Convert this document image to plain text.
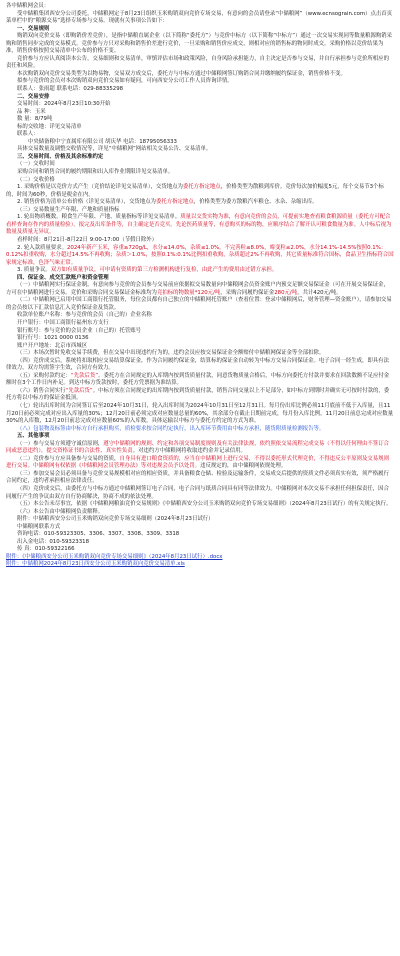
各中储粮网会员：

受中储粮集团西安分公司委托，中储粮网定于8月23日组织玉米购销双向竞价专场交易，有意向的会员请登录“中储粮网”（www.ecnsograin.com）点击首页菜单栏中的“粮源交易”选择专场参与交易。现就有关事项公告如下：

一、交易规则

购销双向竞价交易（即购销价差竞价），是指中储粮直属企业（以下简称“委托方”）与竞价中标方（以下简称“中标方”）通过一次交易实现同等数量粮源购销采购和销售同步完成的交易模式。竞价参与方只对采购和销售价差进行竞价，一旦采购和销售价应成交，则相对应的销售标的物同时成交。采购价格以竞价结果为准，销售价格按照交易清单中公布的价格不变。

竞价参与方应认真阅读本公告，交易细则和交易清单，审慎评估市场和政策风险，自身风险承担能力，自主决定是否参与交易，并自行承担参与竞价所相应的责任和风险。

本次购销双向竞价交易类型为以物易物，交易双方成交后，委托方与中标方通过中储粮网签订购销合同并缴纳履约保证金，销售价格不变。

拟参与竞价的会员对本次购销双向竞价交易如有疑问，可向西安分公司工作人员咨询详情。

联系人：张雨超 联系电话：029-88335298

二、交易安排

交易时间：2024年8月23日10:30开始

品 种：玉米

数 量：8/79吨

标的交收地：详见交易清单

联系人：

中央储备粮中宁直属库有限公司 胡庆华 电话：18795056333

具体交易数量及调整交收情况等，详见“中储粮网”网站相关交易公告、交易清单。

三、交易时间、价格及其余标准约定

（一）交收时间

采购合同和销售合同的履约期限和出入库作业期限详见交易清单。

（二）交收价格

1. 采购价格是以竞价方式产生（竞价结论详见交易清单），交货地点为委托方指定地点，价格类型为散粮到库价。竞价每次加价幅度5元，每个交易节3个标的，时间为60秒，价格是税金在内。

2. 销售价格为清单公布价格（详见交易清单），交货地点为委托方指定地点，价格类型为委方散粮汽车粮仓、水杂、杂缩出库。

（三）交易数量生产年限、产地和质量指标

1. 轮出物质概数。粮食生产年限、产地、质量指标等详见交易清单。质量以交货实物为准，有意向竞价的会员，可提前实地查看粮食粮源质量（委托方可配合看样查询存作内的质量检验）。报完及出库条件等，自主确定是否竞买。先论医药质量等，有意购买的标的物，应顺序结合了解开认可粮食数量为准。人中标后视为数量及质量无异议。

看样时间：8月21日-8月22日 9:00-17:00（节假日除外）

2. 轮入款质量要求。2024年新产玉米，容重≥720g/L，水分≤14.0%，杂质≤1.0%，不完善粒≤8.0%，霉变粒≤2.0%，水分14.1%-14.5%按照0.1%：0.12%扣重收购，水分超过14.5%不再收购；杂质＞1.0%，按照0.1%:0.1%比例扣重收购，杂质超过2%不再收购，其它质量标准符合国标，食品卫生指标符合国家规定标准，色泽气味正常。

3. 质量争议。双方如有质量争议，可申请有资质的第三方检测机构进行复检，由此产生的费用由过错方承担。

四、保证金、成交汇款账户和资金管理

（一）中储粮网实行保证金制，有意向参与竞价的会员参与交易前应依据拟交易数量向中储粮网会员资金账户内预交足额交易保证金（可在开展交易保证金，方可在中储粮网进行交易。竞价和采购合同交易保证金标准均为竞拍标的物数量*120元/吨，采购合同履约保证金280元/吨，共计420元/吨。

（二）中储粮网已启用中国工商银行托管服务，每位会员都有自己独立的中储粮网托管账户（查看位置：登录中储粮网后，财务管理—资金账户），请参加交易的会员按以下汇款信息汇入竞价保证金及货款。

收款单位账户名称：参与竞价的会员（自己的）企业名称

开户银行：中国工商银行福州东方支行

银行账号：参与竞价的会员企业（自己的）托管账号

银行行号：1021 0000 0136

账户开户地址：北京市西城区

（三）本场次暂时免收交易手续费，但在交易中出现违约行为的，违约会员应按交易保证金全额赔付中储粮网保证金等全部扣除。

（四）竞价成交后，系统将扣取相应交易结算保证金，作为合同履约保证金，结算标的保证金自动转为中标方交易合同保证金。电子合同一经生成，即具有法律效力，双方均需签字生效，合同方有效力。

（五）采购付款约定：“先款后货”。委托方在合同规定的入库期内按到货质量付款，同意货物质量合格后，中标方向委托方付款并要求在回款数额不足应付金额时在3个工作日内补足。到达中标方货款按时，委托方凭票据为准结算。

（六）销售合同实行“先款后货”。中标方须在合同规定的出库期内按到货质量付款，销售合同交量以上不足部分，如中标方到期时并确实无可按时付款的，委托方将以中标方的保证金抵顶。

（七）轮出出库时间为合同签订后至2024年10月31日，轮入出库时间为2024年10月31日至12月31日。每月份出库比例必须11月底前不低于入库量，且11月20日前必须完成对应出入库量的30%；12月20日前必须完成对应数量总量的60%，其余部分在截止日期前完成，每月份入库比例，11月20日前总完成对应数量30%的入库数，12月20日前总完成对应数量60%的入库数，具体运输以中标方与委托方约定的方式为准。

（八）包装物及标签由中标方自行承担购买，质检要求按合同约定执行，出入库环节费用由中标方承担，随货附质量检测报告等。

五、其他事项

（一）参与交易方须遵守诚信原则，遵守中储粮网的规则、约定和各项交易制度规则及有关法律法规，依约照依交易流程完成交易（不得以任何理由不签订合同或恶意违约），提交资格证书的合法性、真实性负责。对违约方中储粮网将收取违约金并记录信用。

（二）竞价参与方应具备参与交易的资质，自身具有进口粮食资质的，应当在中储粮网上进行交易，不得以委托形式代理竞价，不得违反公平原则及交易规则进行交易。中储粮网有权依据《中储粮网会员管理办法》等对违规会员予以处罚。违反规定的，由中储粮网依规处理。

（三）参加交易会员必须具备与竞价交易规模相对应的相应资质，并具备粮食仓储、检验及运输条件，交易成交后提供的资质文件必须真实有效，须严格履行合同约定，违约者承担相应法律责任。

（四）竞价成交后，由委托方与中标方通过中储粮网签订电子合同，电子合同与纸质合同具有同等法律效力。中储粮网对本次交易不承担任何担保责任，因合同履行产生的争议由双方自行协商解决，协商不成的依法处理。

（五）本公告未尽事宜，依据《中储粮网粮油竞价交易规则》《中储粮西安分公司玉米购销双向竞价专场交易细则》（2024年8月23日试行）的有关规定执行。

（六）本公告由中储粮网负责解释。

附件：中储粮西安分公司玉米购销双向竞价专场交易细则（2024年8月23日试行）

中储粮网联系方式

咨询电话：010-59323305、3306、3307、3308、3309、3318

出入金电话：010-59323318

传 真：010-59322166

附件：《中储粮西安分公司玉米购销双向竞价专场交易细则》（2024年8月23日试行）.docx

附件：中储粮网2024年8月23日西安分公司玉米购销双向竞价交易清单.xls
